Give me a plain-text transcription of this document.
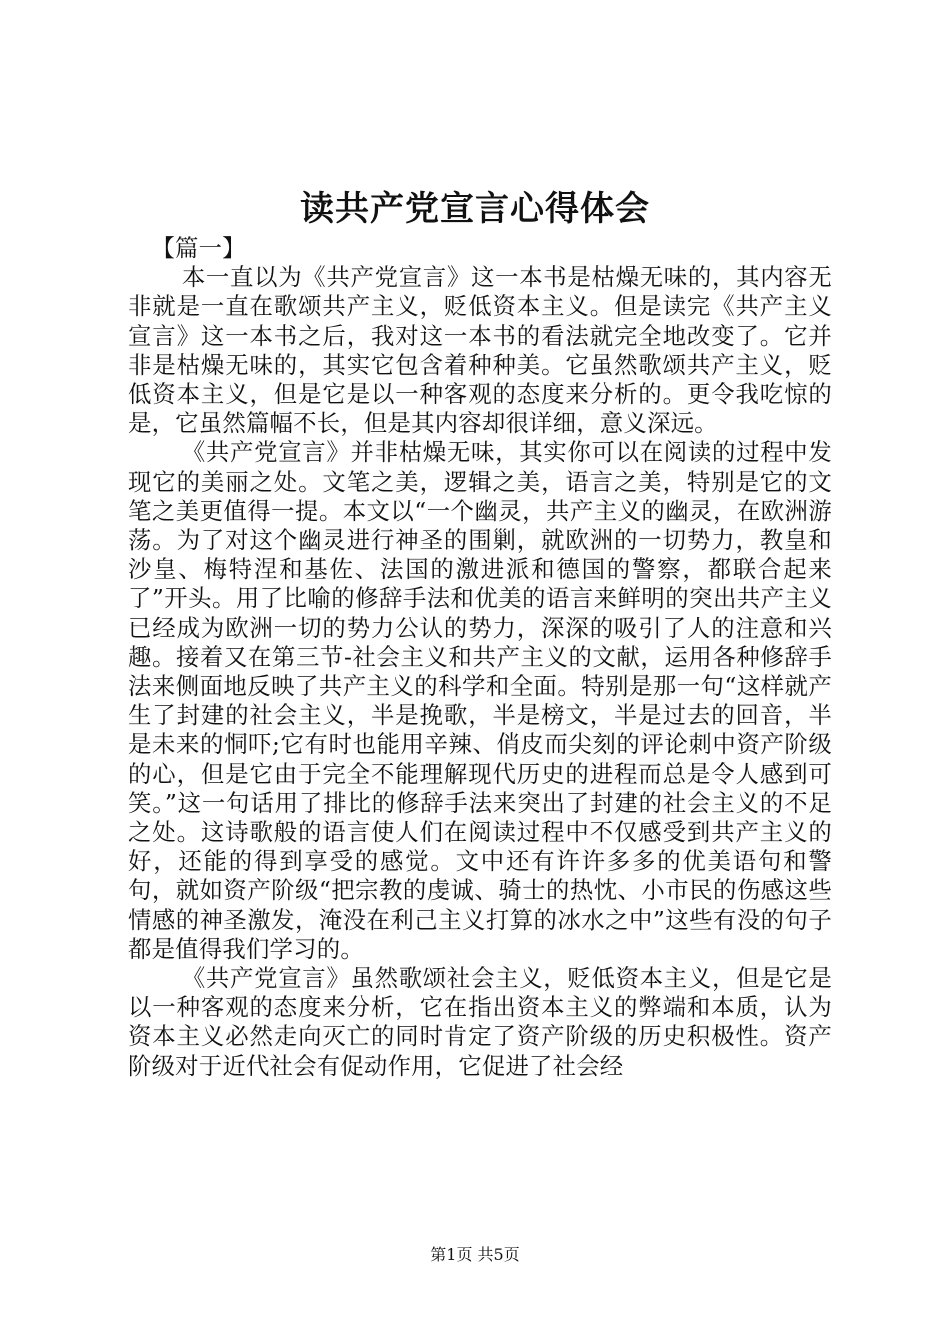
读共产党宣言心得体会

【篇一】

本一直以为《共产党宣言》这一本书是枯燥无味的，其内容无非就是一直在歌颂共产主义，贬低资本主义。但是读完《共产主义宣言》这一本书之后，我对这一本书的看法就完全地改变了。它并非是枯燥无味的，其实它包含着种种美。它虽然歌颂共产主义，贬低资本主义，但是它是以一种客观的态度来分析的。更令我吃惊的是，它虽然篇幅不长，但是其内容却很详细，意义深远。

《共产党宣言》并非枯燥无味，其实你可以在阅读的过程中发现它的美丽之处。文笔之美，逻辑之美，语言之美，特别是它的文笔之美更值得一提。本文以“一个幽灵，共产主义的幽灵，在欧洲游荡。为了对这个幽灵进行神圣的围剿，就欧洲的一切势力，教皇和沙皇、梅特涅和基佐、法国的激进派和德国的警察，都联合起来了”开头。用了比喻的修辞手法和优美的语言来鲜明的突出共产主义已经成为欧洲一切的势力公认的势力，深深的吸引了人的注意和兴趣。接着又在第三节-社会主义和共产主义的文献，运用各种修辞手法来侧面地反映了共产主义的科学和全面。特别是那一句“这样就产生了封建的社会主义，半是挽歌，半是榜文，半是过去的回音，半是未来的恫吓;它有时也能用辛辣、俏皮而尖刻的评论刺中资产阶级的心，但是它由于完全不能理解现代历史的进程而总是令人感到可笑。”这一句话用了排比的修辞手法来突出了封建的社会主义的不足之处。这诗歌般的语言使人们在阅读过程中不仅感受到共产主义的好，还能的得到享受的感觉。文中还有许许多多的优美语句和警句，就如资产阶级“把宗教的虔诚、骑士的热忱、小市民的伤感这些情感的神圣激发，淹没在利己主义打算的冰水之中”这些有没的句子都是值得我们学习的。

《共产党宣言》虽然歌颂社会主义，贬低资本主义，但是它是以一种客观的态度来分析，它在指出资本主义的弊端和本质，认为资本主义必然走向灭亡的同时肯定了资产阶级的历史积极性。资产阶级对于近代社会有促动作用，它促进了社会经

第1页 共5页
